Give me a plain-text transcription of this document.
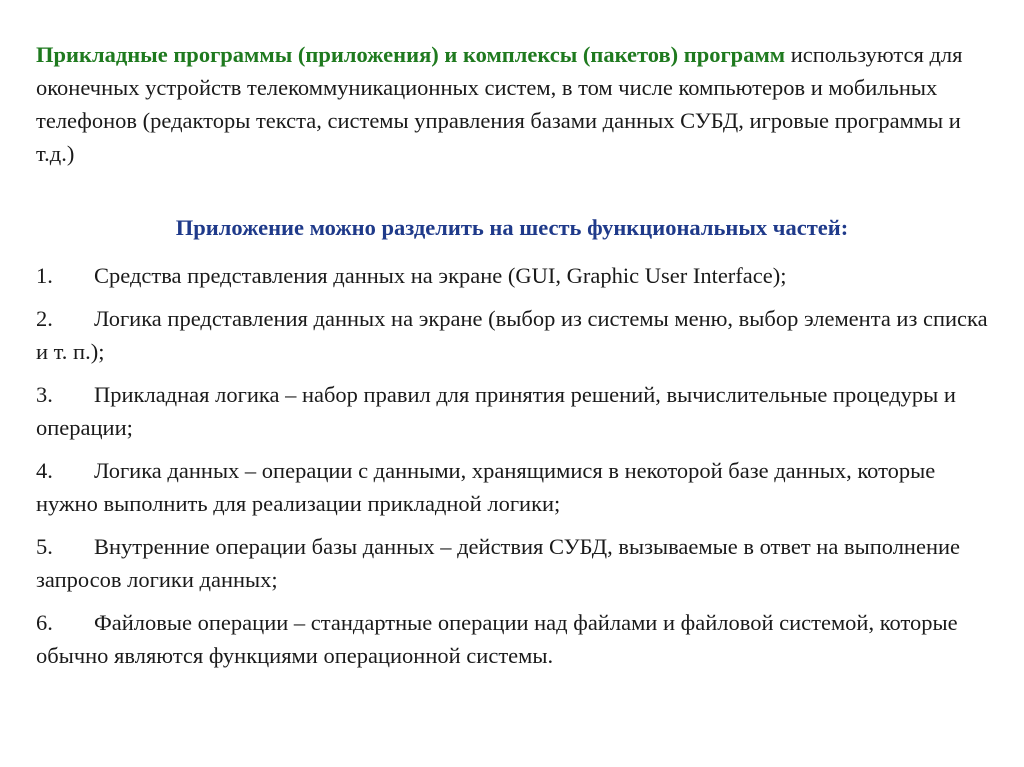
Прикладные программы (приложения) и комплексы (пакетов) программ используются для оконечных устройств телекоммуникационных систем, в том числе компьютеров и мобильных телефонов (редакторы текста, системы управления базами данных СУБД, игровые программы и т.д.)

Приложение можно разделить на шесть функциональных частей:
1. Средства представления данных на экране (GUI, Graphic User Interface);
2. Логика представления данных на экране (выбор из системы меню, выбор элемента из списка и т. п.);
3. Прикладная логика – набор правил для принятия решений, вычислительные процедуры и операции;
4. Логика данных – операции с данными, хранящимися в некоторой базе данных, которые нужно выполнить для реализации прикладной логики;
5. Внутренние операции базы данных – действия СУБД, вызываемые в ответ на выполнение запросов логики данных;
6. Файловые операции – стандартные операции над файлами и файловой системой, которые обычно являются функциями операционной системы.
